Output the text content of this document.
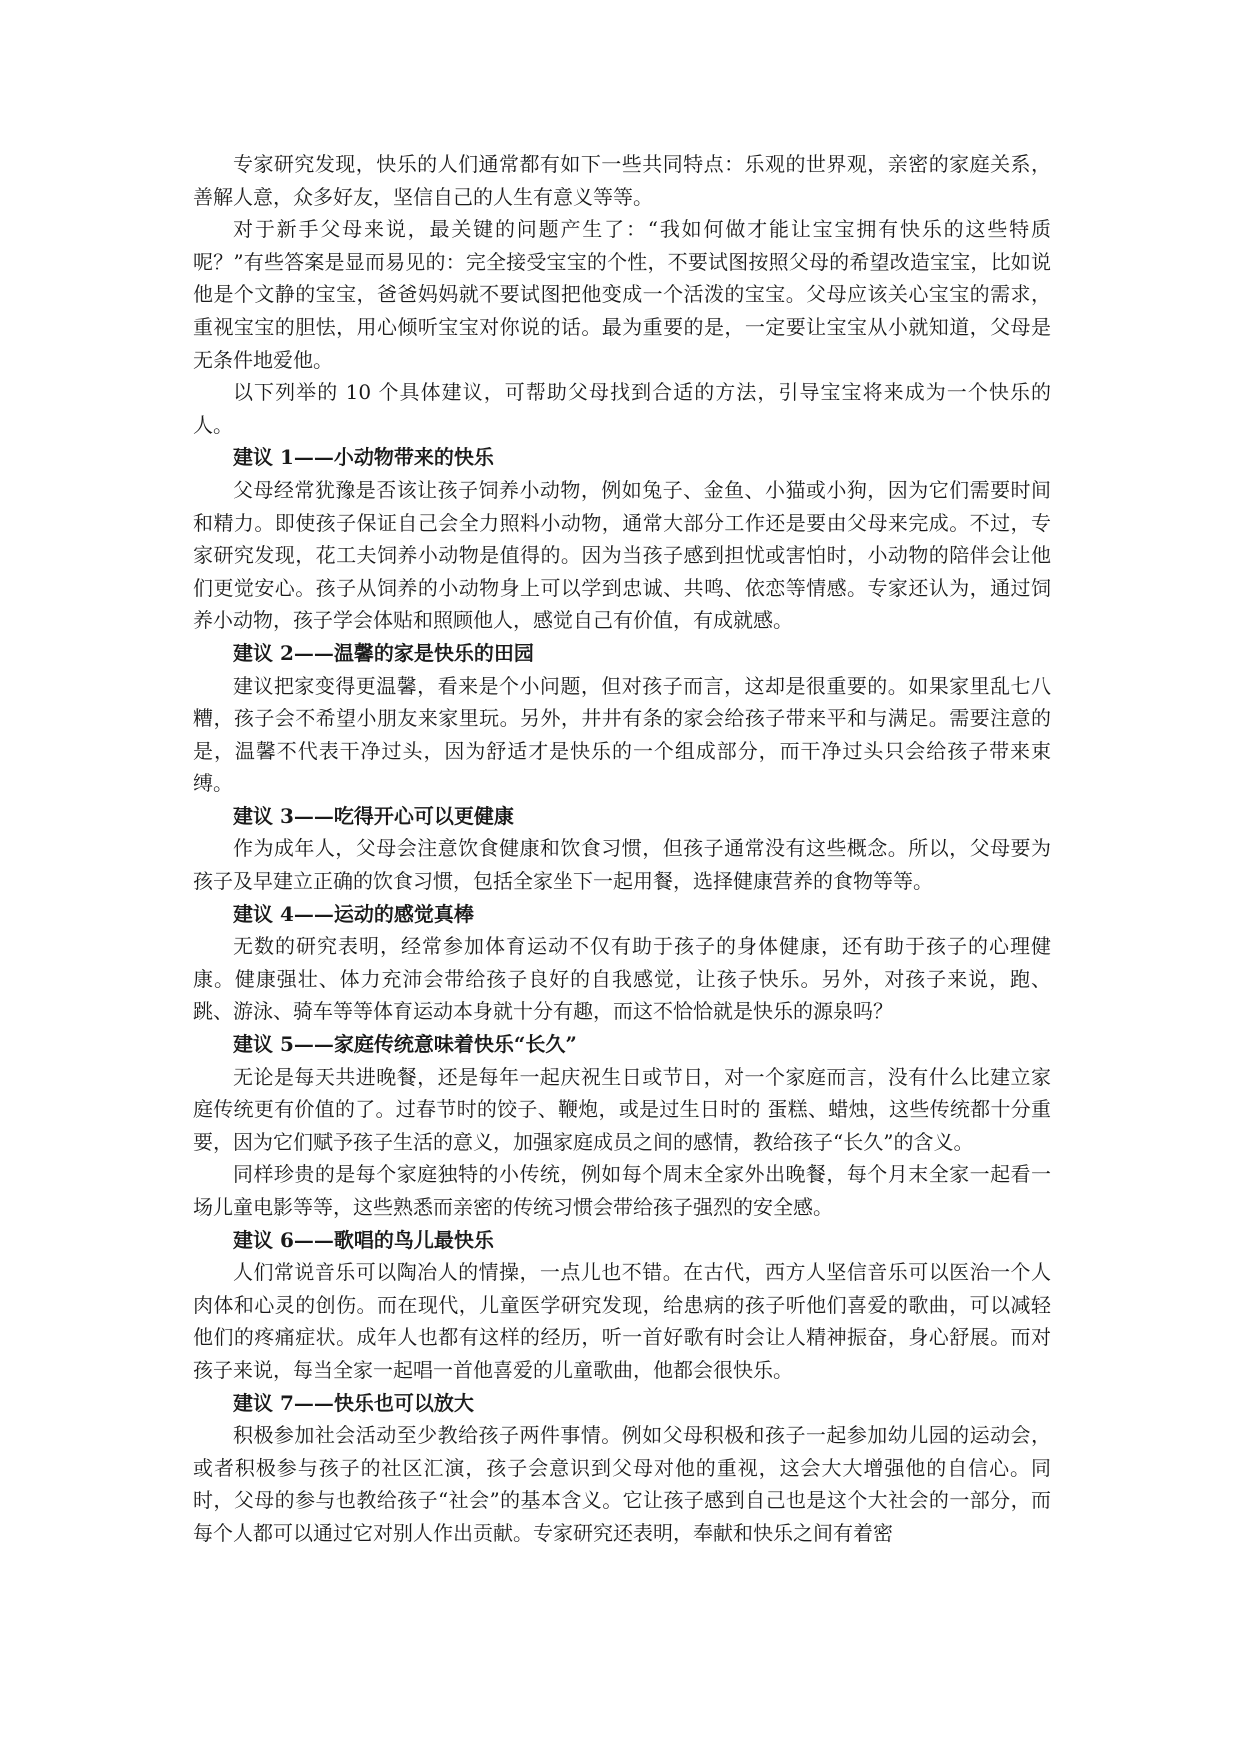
专家研究发现，快乐的人们通常都有如下一些共同特点：乐观的世界观，亲密的家庭关系，善解人意，众多好友，坚信自己的人生有意义等等。

对于新手父母来说，最关键的问题产生了：“我如何做才能让宝宝拥有快乐的这些特质呢？”有些答案是显而易见的：完全接受宝宝的个性，不要试图按照父母的希望改造宝宝，比如说他是个文静的宝宝，爸爸妈妈就不要试图把他变成一个活泼的宝宝。父母应该关心宝宝的需求，重视宝宝的胆怯，用心倾听宝宝对你说的话。最为重要的是，一定要让宝宝从小就知道，父母是无条件地爱他。

以下列举的 10 个具体建议，可帮助父母找到合适的方法，引导宝宝将来成为一个快乐的人。

建议 1——小动物带来的快乐

父母经常犹豫是否该让孩子饲养小动物，例如兔子、金鱼、小猫或小狗，因为它们需要时间和精力。即使孩子保证自己会全力照料小动物，通常大部分工作还是要由父母来完成。不过，专家研究发现，花工夫饲养小动物是值得的。因为当孩子感到担忧或害怕时，小动物的陪伴会让他们更觉安心。孩子从饲养的小动物身上可以学到忠诚、共鸣、依恋等情感。专家还认为，通过饲养小动物，孩子学会体贴和照顾他人，感觉自己有价值，有成就感。

建议 2——温馨的家是快乐的田园

建议把家变得更温馨，看来是个小问题，但对孩子而言，这却是很重要的。如果家里乱七八糟，孩子会不希望小朋友来家里玩。另外，井井有条的家会给孩子带来平和与满足。需要注意的是，温馨不代表干净过头，因为舒适才是快乐的一个组成部分，而干净过头只会给孩子带来束缚。

建议 3——吃得开心可以更健康

作为成年人，父母会注意饮食健康和饮食习惯，但孩子通常没有这些概念。所以，父母要为孩子及早建立正确的饮食习惯，包括全家坐下一起用餐，选择健康营养的食物等等。

建议 4——运动的感觉真棒

无数的研究表明，经常参加体育运动不仅有助于孩子的身体健康，还有助于孩子的心理健康。健康强壮、体力充沛会带给孩子良好的自我感觉，让孩子快乐。另外，对孩子来说，跑、跳、游泳、骑车等等体育运动本身就十分有趣，而这不恰恰就是快乐的源泉吗？

建议 5——家庭传统意味着快乐“长久”

无论是每天共进晚餐，还是每年一起庆祝生日或节日，对一个家庭而言，没有什么比建立家庭传统更有价值的了。过春节时的饺子、鞭炮，或是过生日时的 蛋糕、蜡烛，这些传统都十分重要，因为它们赋予孩子生活的意义，加强家庭成员之间的感情，教给孩子“长久”的含义。

同样珍贵的是每个家庭独特的小传统，例如每个周末全家外出晚餐，每个月末全家一起看一场儿童电影等等，这些熟悉而亲密的传统习惯会带给孩子强烈的安全感。

建议 6——歌唱的鸟儿最快乐

人们常说音乐可以陶冶人的情操，一点儿也不错。在古代，西方人坚信音乐可以医治一个人肉体和心灵的创伤。而在现代，儿童医学研究发现，给患病的孩子听他们喜爱的歌曲，可以减轻他们的疼痛症状。成年人也都有这样的经历，听一首好歌有时会让人精神振奋，身心舒展。而对孩子来说，每当全家一起唱一首他喜爱的儿童歌曲，他都会很快乐。

建议 7——快乐也可以放大

积极参加社会活动至少教给孩子两件事情。例如父母积极和孩子一起参加幼儿园的运动会，或者积极参与孩子的社区汇演，孩子会意识到父母对他的重视，这会大大增强他的自信心。同时，父母的参与也教给孩子“社会”的基本含义。它让孩子感到自己也是这个大社会的一部分，而每个人都可以通过它对别人作出贡献。专家研究还表明，奉献和快乐之间有着密
